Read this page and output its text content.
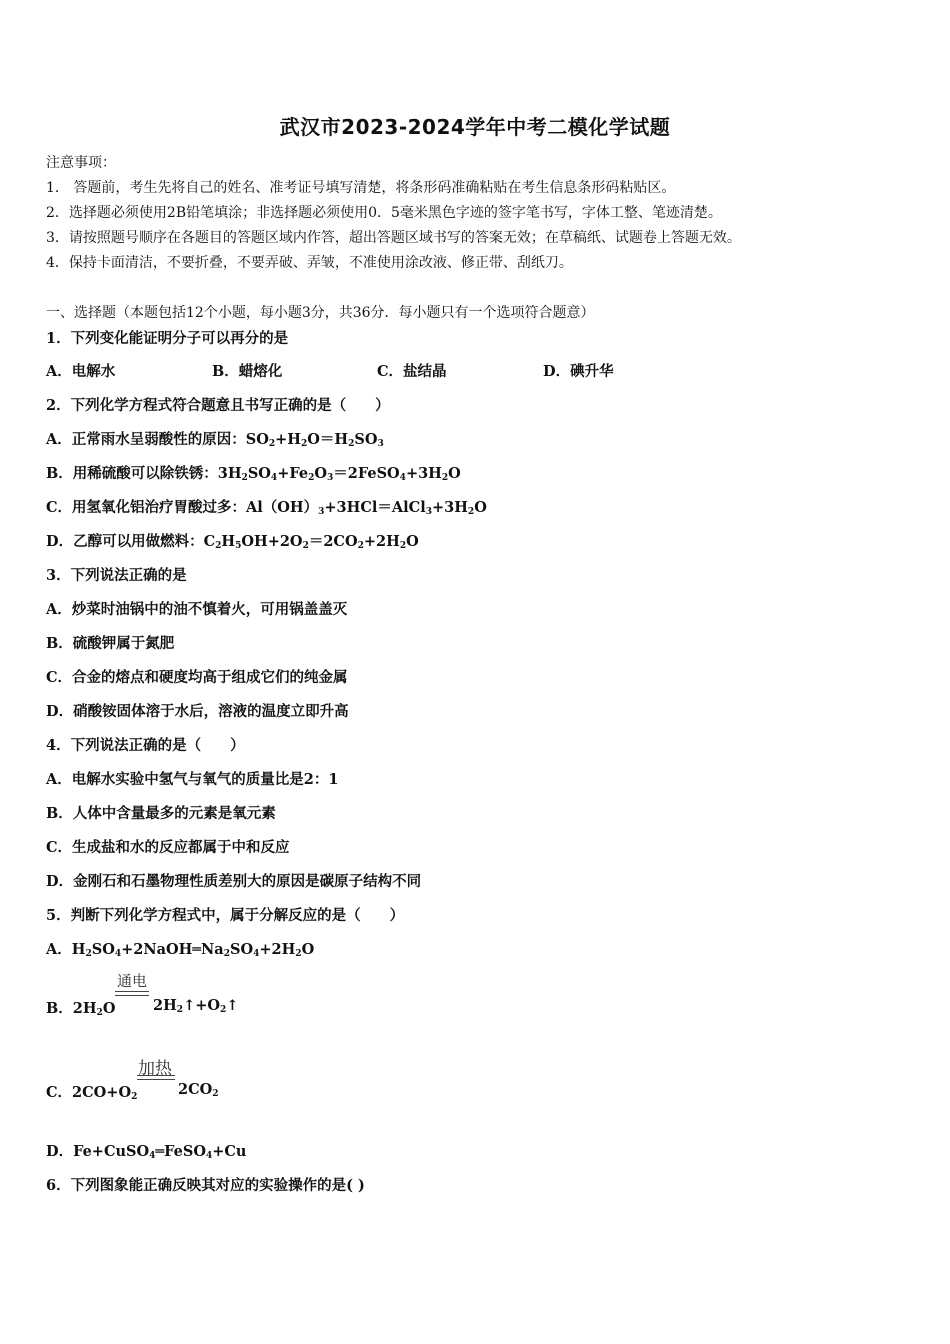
武汉市2023-2024学年中考二模化学试题
注意事项：
1． 答题前，考生先将自己的姓名、准考证号填写清楚，将条形码准确粘贴在考生信息条形码粘贴区。
2．选择题必须使用2B铅笔填涂；非选择题必须使用0．5毫米黑色字迹的签字笔书写，字体工整、笔迹清楚。
3．请按照题号顺序在各题目的答题区域内作答，超出答题区域书写的答案无效；在草稿纸、试题卷上答题无效。
4．保持卡面清洁，不要折叠，不要弄破、弄皱，不准使用涂改液、修正带、刮纸刀。
一、选择题（本题包括12个小题，每小题3分，共36分．每小题只有一个选项符合题意）
1．下列变化能证明分子可以再分的是
A．电解水	B．蜡熔化	C．盐结晶	D．碘升华
2．下列化学方程式符合题意且书写正确的是（　　）
A．正常雨水呈弱酸性的原因：$SO_2+H_2O=H_2SO_3$
B．用稀硫酸可以除铁锈：$3H_2SO_4+Fe_2O_3=2FeSO_4+3H_2O$
C．用氢氧化铝治疗胃酸过多：$Al(OH)_3+3HCl=AlCl_3+3H_2O$
D．乙醇可以用做燃料：$C_2H_5OH+2O_2=2CO_2+2H_2O$
3．下列说法正确的是
A．炒菜时油锅中的油不慎着火，可用锅盖盖灭
B．硫酸钾属于氮肥
C．合金的熔点和硬度均高于组成它们的纯金属
D．硝酸铵固体溶于水后，溶液的温度立即升高
4．下列说法正确的是（　　）
A．电解水实验中氢气与氧气的质量比是2：1
B．人体中含量最多的元素是氧元素
C．生成盐和水的反应都属于中和反应
D．金刚石和石墨物理性质差别大的原因是碳原子结构不同
5．判断下列化学方程式中，属于分解反应的是（　　）
A．$H_2SO_4+2NaOH═Na_2SO_4+2H_2O$
B．$2H_2O$
通电
$2H_2↑+O_2↑$
C．$2CO+O_2$
加热
$2CO_2$
D．Fe+CuSO$_4$═FeSO$_4$+Cu
6．下列图象能正确反映其对应的实验操作的是( )
